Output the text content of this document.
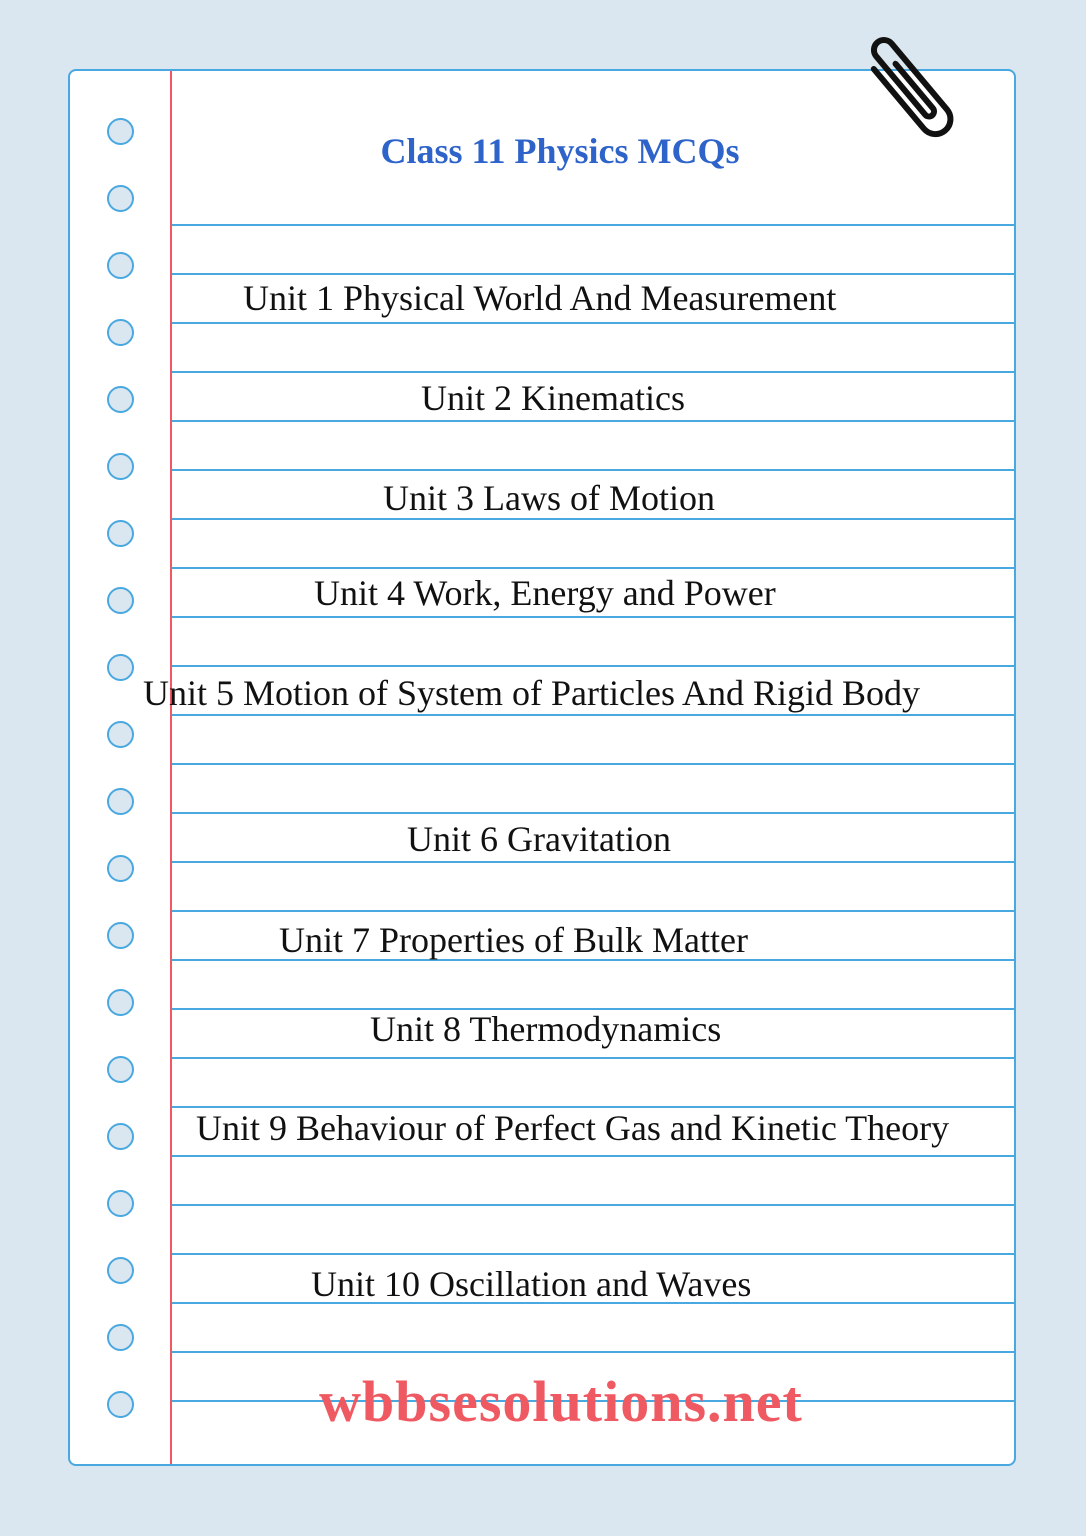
Class 11 Physics MCQs
Unit 1 Physical World And Measurement
Unit 2 Kinematics
Unit 3 Laws of Motion
Unit 4 Work, Energy and Power
Unit 5 Motion of System of Particles And Rigid Body
Unit 6 Gravitation
Unit 7 Properties of Bulk Matter
Unit 8 Thermodynamics
Unit 9 Behaviour of Perfect Gas and Kinetic Theory
Unit 10 Oscillation and Waves
wbbsesolutions.net
